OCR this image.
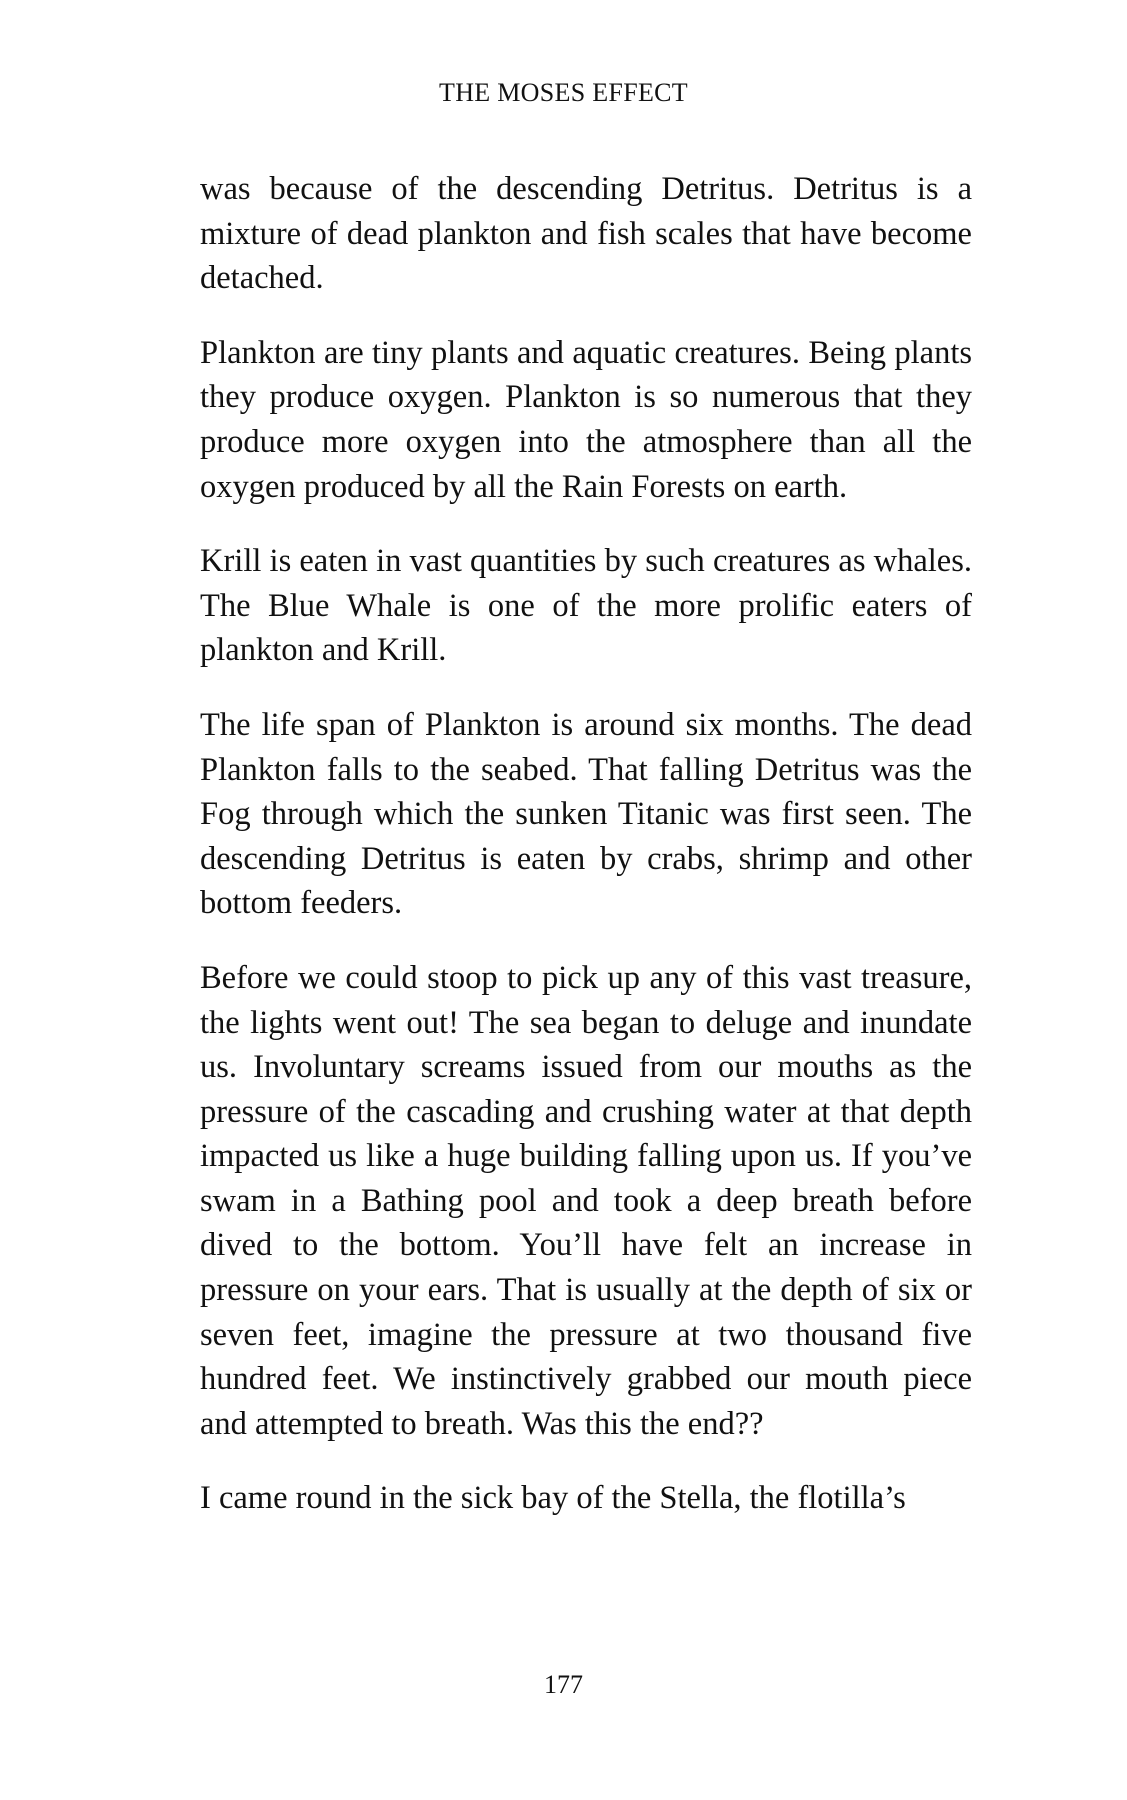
THE MOSES EFFECT

was because of the descending Detritus. Detritus is a mixture of dead plankton and fish scales that have become detached.

Plankton are tiny plants and aquatic creatures. Being plants they produce oxygen. Plankton is so numerous that they produce more oxygen into the atmosphere than all the oxygen produced by all the Rain Forests on earth.

Krill is eaten in vast quantities by such creatures as whales. The Blue Whale is one of the more prolific eaters of plankton and Krill.

The life span of Plankton is around six months. The dead Plankton falls to the seabed. That falling Detritus was the Fog through which the sunken Titanic was first seen. The descending Detritus is eaten by crabs, shrimp and other bottom feeders.

Before we could stoop to pick up any of this vast treasure, the lights went out! The sea began to deluge and inundate us. Involuntary screams issued from our mouths as the pressure of the cascading and crushing water at that depth impacted us like a huge building falling upon us. If you’ve swam in a Bathing pool and took a deep breath before dived to the bottom. You’ll have felt an increase in pressure on your ears. That is usually at the depth of six or seven feet, imagine the pressure at two thousand five hundred feet. We instinctively grabbed our mouth piece and attempted to breath. Was this the end??

I came round in the sick bay of the Stella, the flotilla’s

177
